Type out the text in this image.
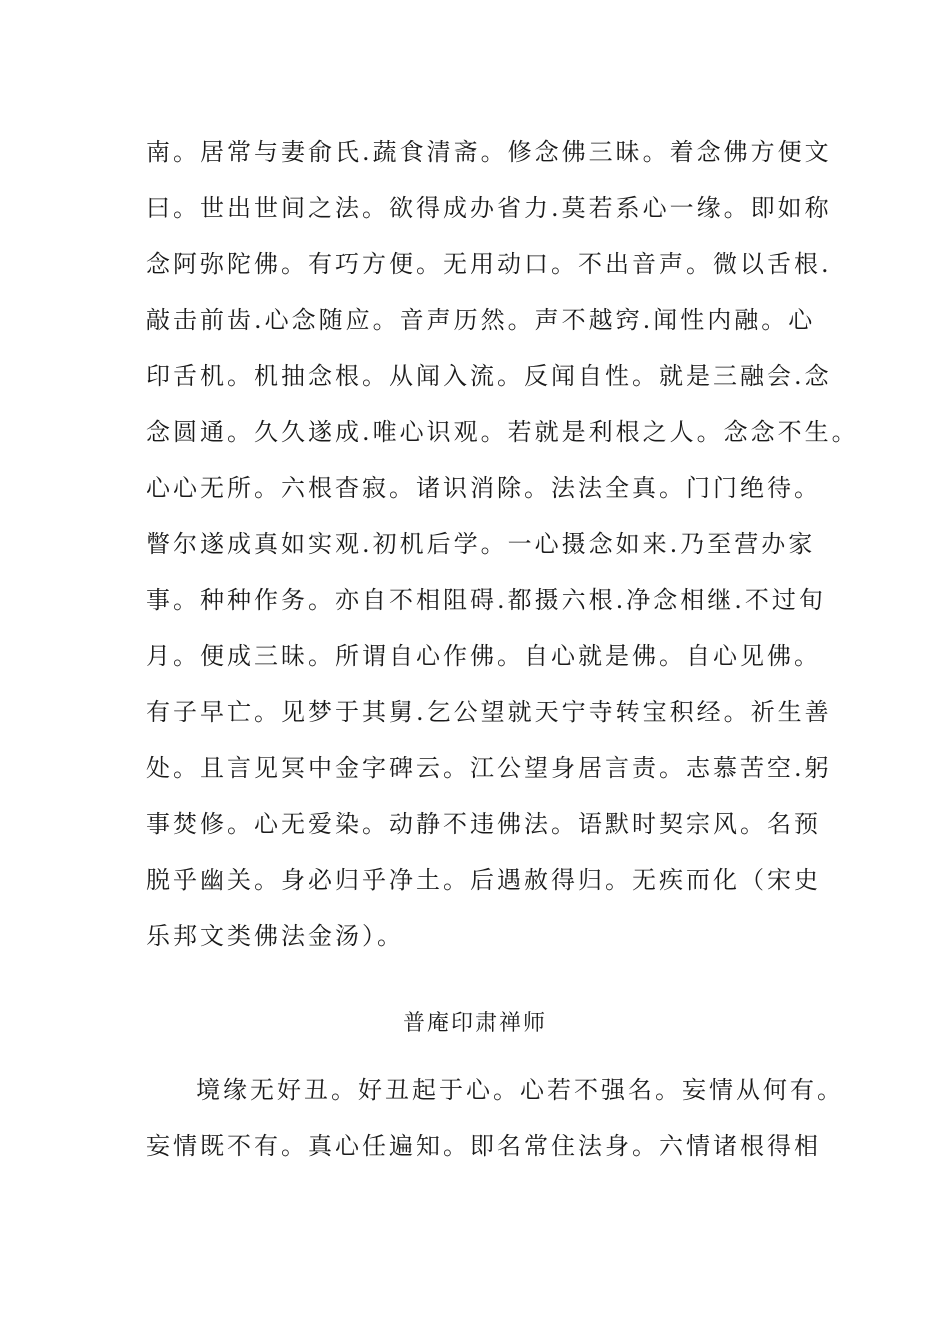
南。居常与妻俞氏.蔬食清斋。修念佛三昧。着念佛方便文
曰。世出世间之法。欲得成办省力.莫若系心一缘。即如称
念阿弥陀佛。有巧方便。无用动口。不出音声。微以舌根.
敲击前齿.心念随应。音声历然。声不越窍.闻性内融。心
印舌机。机抽念根。从闻入流。反闻自性。就是三融会.念
念圆通。久久遂成.唯心识观。若就是利根之人。念念不生。
心心无所。六根杳寂。诸识消除。法法全真。门门绝待。
瞥尔遂成真如实观.初机后学。一心摄念如来.乃至营办家
事。种种作务。亦自不相阻碍.都摄六根.净念相继.不过旬
月。便成三昧。所谓自心作佛。自心就是佛。自心见佛。
有子早亡。见梦于其舅.乞公望就天宁寺转宝积经。祈生善
处。且言见冥中金字碑云。江公望身居言责。志慕苦空.躬
事焚修。心无爱染。动静不违佛法。语默时契宗风。名预
脱乎幽关。身必归乎净土。后遇赦得归。无疾而化（宋史
乐邦文类佛法金汤）。
普庵印肃禅师
境缘无好丑。好丑起于心。心若不强名。妄情从何有。
妄情既不有。真心任遍知。即名常住法身。六情诸根得相
